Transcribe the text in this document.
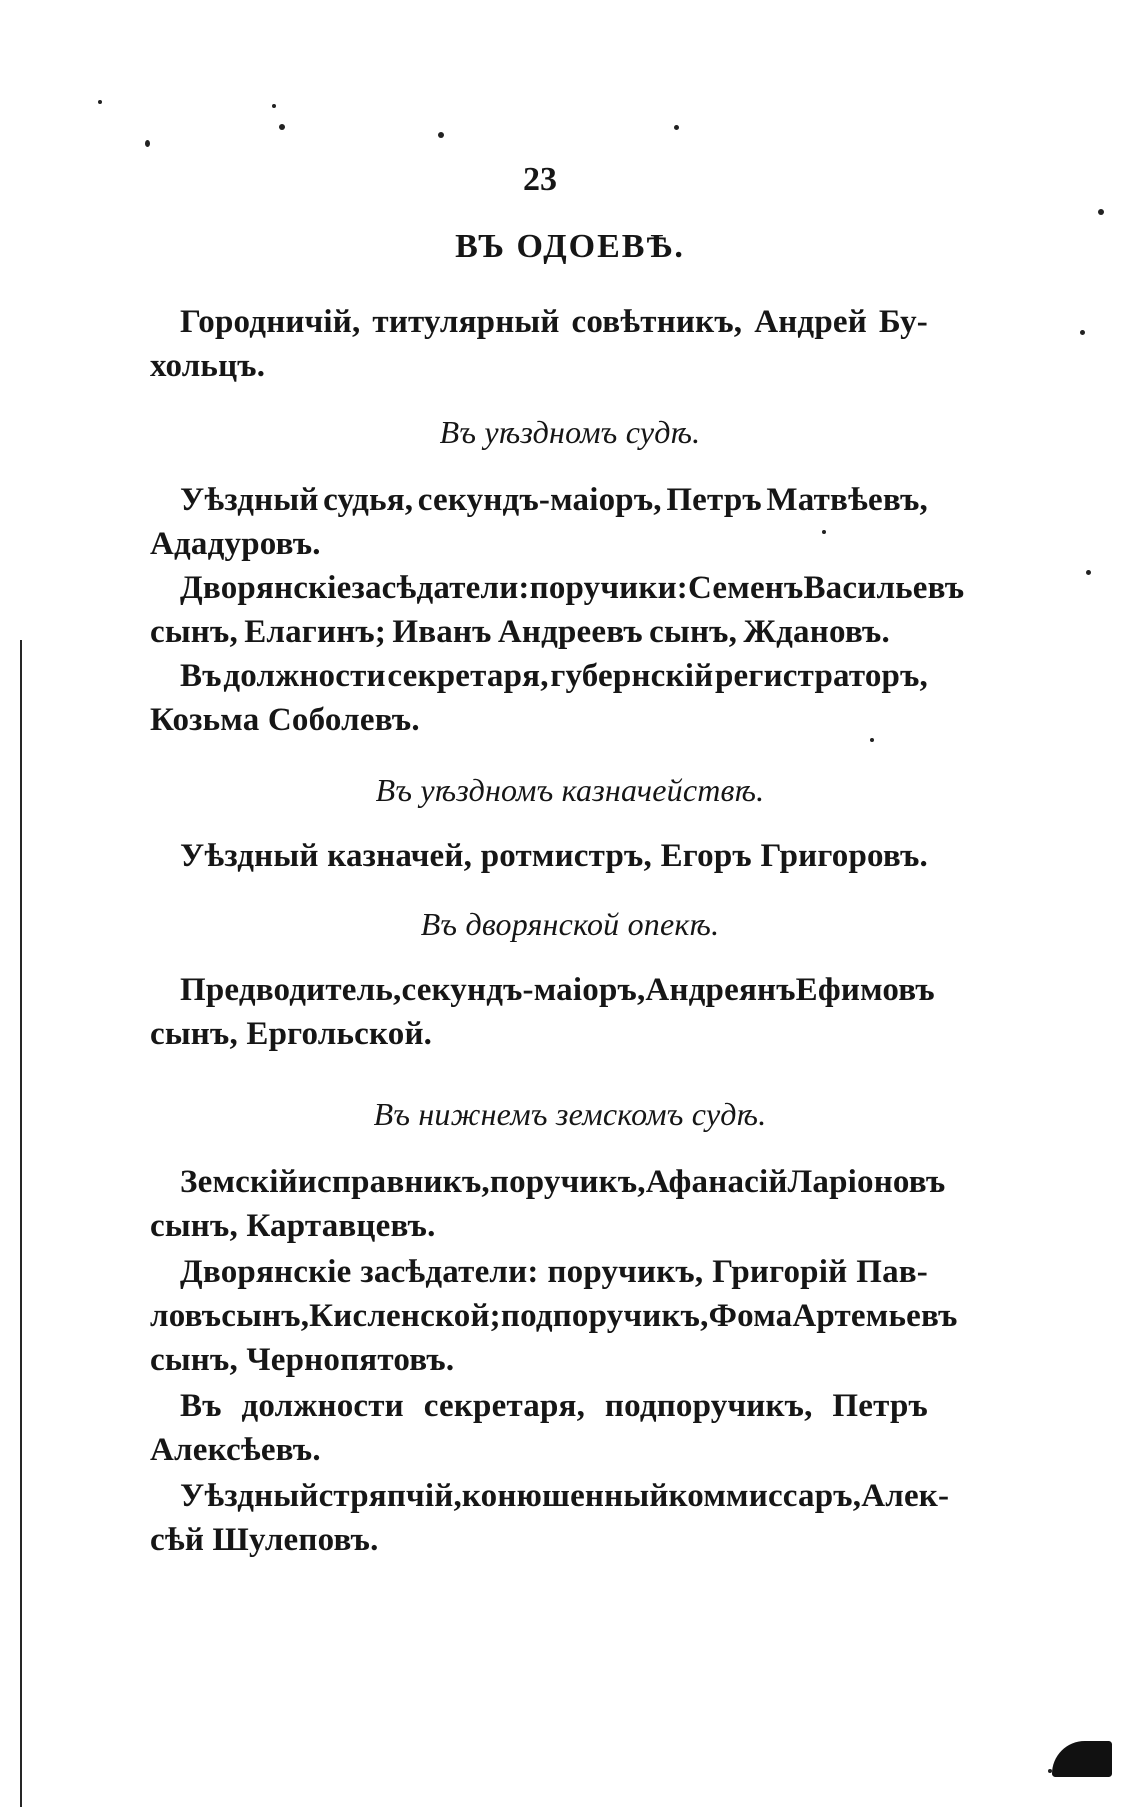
23
ВЪ ОДОЕВѢ.
Городничій, титулярный совѣтникъ, Андрей Бу-
хольцъ.
Въ уѣздномъ судѣ.
Уѣздный судья, секундъ-маіоръ, Петръ Матвѣевъ,
Ададуровъ.
Дворянскіе засѣдатели: поручики: Семенъ Васильевъ
сынъ, Елагинъ; Иванъ Андреевъ сынъ, Ждановъ.
Въ должности секретаря, губернскій регистраторъ,
Козьма Соболевъ.
Въ уѣздномъ казначействѣ.
Уѣздный казначей, ротмистръ, Егоръ Григоровъ.
Въ дворянской опекѣ.
Предводитель, секундъ-маіоръ, Андреянъ Ефимовъ
сынъ, Ергольской.
Въ нижнемъ земскомъ судѣ.
Земскій исправникъ, поручикъ, Афанасій Ларіоновъ
сынъ, Картавцевъ.
Дворянскіе засѣдатели: поручикъ, Григорій Пав-
ловъ сынъ, Кисленской; подпоручикъ, Фома Артемьевъ
сынъ, Чернопятовъ.
Въ должности секретаря, подпоручикъ, Петръ
Алексѣевъ.
Уѣздный стряпчій, конюшенный коммиссаръ, Алек-
сѣй Шулеповъ.
